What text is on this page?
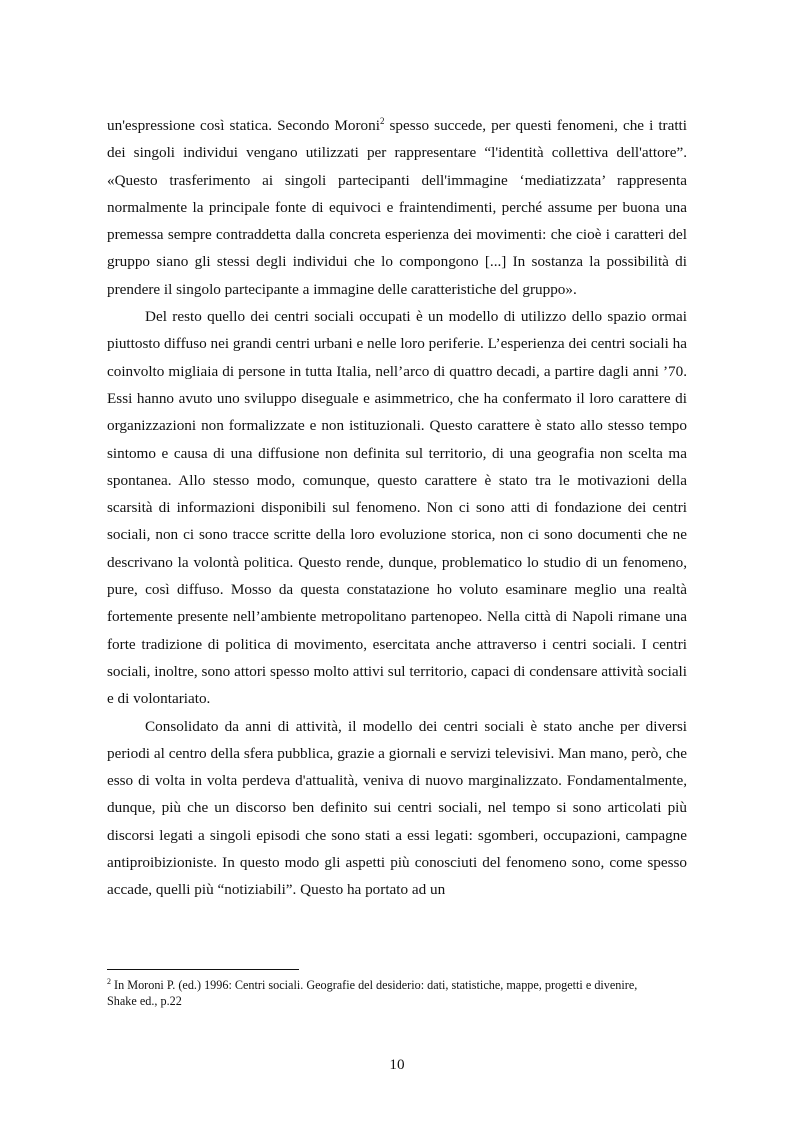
un'espressione così statica. Secondo Moroni$^2$ spesso succede, per questi fenomeni, che i tratti dei singoli individui vengano utilizzati per rappresentare “l'identità collettiva dell'attore”. «Questo trasferimento ai singoli partecipanti dell'immagine ‘mediatizzata’ rappresenta normalmente la principale fonte di equivoci e fraintendimenti, perché assume per buona una premessa sempre contraddetta dalla concreta esperienza dei movimenti: che cioè i caratteri del gruppo siano gli stessi degli individui che lo compongono [...] In sostanza la possibilità di prendere il singolo partecipante a immagine delle caratteristiche del gruppo».

Del resto quello dei centri sociali occupati è un modello di utilizzo dello spazio ormai piuttosto diffuso nei grandi centri urbani e nelle loro periferie. L’esperienza dei centri sociali ha coinvolto migliaia di persone in tutta Italia, nell’arco di quattro decadi, a partire dagli anni ’70. Essi hanno avuto uno sviluppo diseguale e asimmetrico, che ha confermato il loro carattere di organizzazioni non formalizzate e non istituzionali. Questo carattere è stato allo stesso tempo sintomo e causa di una diffusione non definita sul territorio, di una geografia non scelta ma spontanea. Allo stesso modo, comunque, questo carattere è stato tra le motivazioni della scarsità di informazioni disponibili sul fenomeno. Non ci sono atti di fondazione dei centri sociali, non ci sono tracce scritte della loro evoluzione storica, non ci sono documenti che ne descrivano la volontà politica. Questo rende, dunque, problematico lo studio di un fenomeno, pure, così diffuso. Mosso da questa constatazione ho voluto esaminare meglio una realtà fortemente presente nell’ambiente metropolitano partenopeo. Nella città di Napoli rimane una forte tradizione di politica di movimento, esercitata anche attraverso i centri sociali. I centri sociali, inoltre, sono attori spesso molto attivi sul territorio, capaci di condensare attività sociali e di volontariato.

Consolidato da anni di attività, il modello dei centri sociali è stato anche per diversi periodi al centro della sfera pubblica, grazie a giornali e servizi televisivi. Man mano, però, che esso di volta in volta perdeva d'attualità, veniva di nuovo marginalizzato. Fondamentalmente, dunque, più che un discorso ben definito sui centri sociali, nel tempo si sono articolati più discorsi legati a singoli episodi che sono stati a essi legati: sgomberi, occupazioni, campagne antiproibizioniste. In questo modo gli aspetti più conosciuti del fenomeno sono, come spesso accade, quelli più “notiziabili”. Questo ha portato ad un

$^2$ In Moroni P. (ed.) 1996: Centri sociali. Geografie del desiderio: dati, statistiche, mappe, progetti e divenire, Shake ed., p.22
10
